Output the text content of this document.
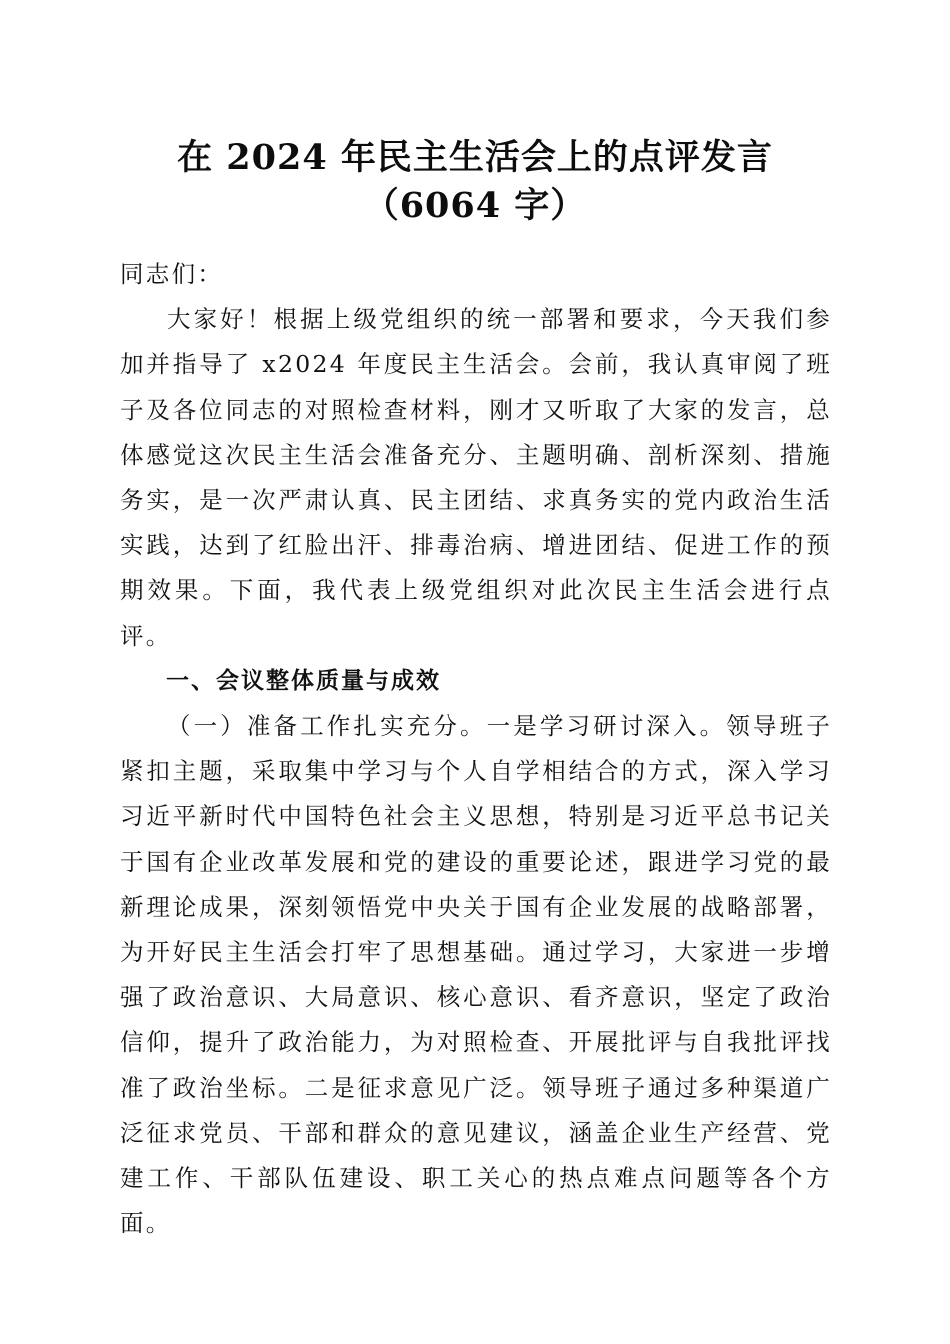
在 2024 年民主生活会上的点评发言（6064 字）

同志们：

大家好！根据上级党组织的统一部署和要求，今天我们参加并指导了 x2024 年度民主生活会。会前，我认真审阅了班子及各位同志的对照检查材料，刚才又听取了大家的发言，总体感觉这次民主生活会准备充分、主题明确、剖析深刻、措施务实，是一次严肃认真、民主团结、求真务实的党内政治生活实践，达到了红脸出汗、排毒治病、增进团结、促进工作的预期效果。下面，我代表上级党组织对此次民主生活会进行点评。

一、会议整体质量与成效

（一）准备工作扎实充分。一是学习研讨深入。领导班子紧扣主题，采取集中学习与个人自学相结合的方式，深入学习习近平新时代中国特色社会主义思想，特别是习近平总书记关于国有企业改革发展和党的建设的重要论述，跟进学习党的最新理论成果，深刻领悟党中央关于国有企业发展的战略部署，为开好民主生活会打牢了思想基础。通过学习，大家进一步增强了政治意识、大局意识、核心意识、看齐意识，坚定了政治信仰，提升了政治能力，为对照检查、开展批评与自我批评找准了政治坐标。二是征求意见广泛。领导班子通过多种渠道广泛征求党员、干部和群众的意见建议，涵盖企业生产经营、党建工作、干部队伍建设、职工关心的热点难点问题等各个方面。
